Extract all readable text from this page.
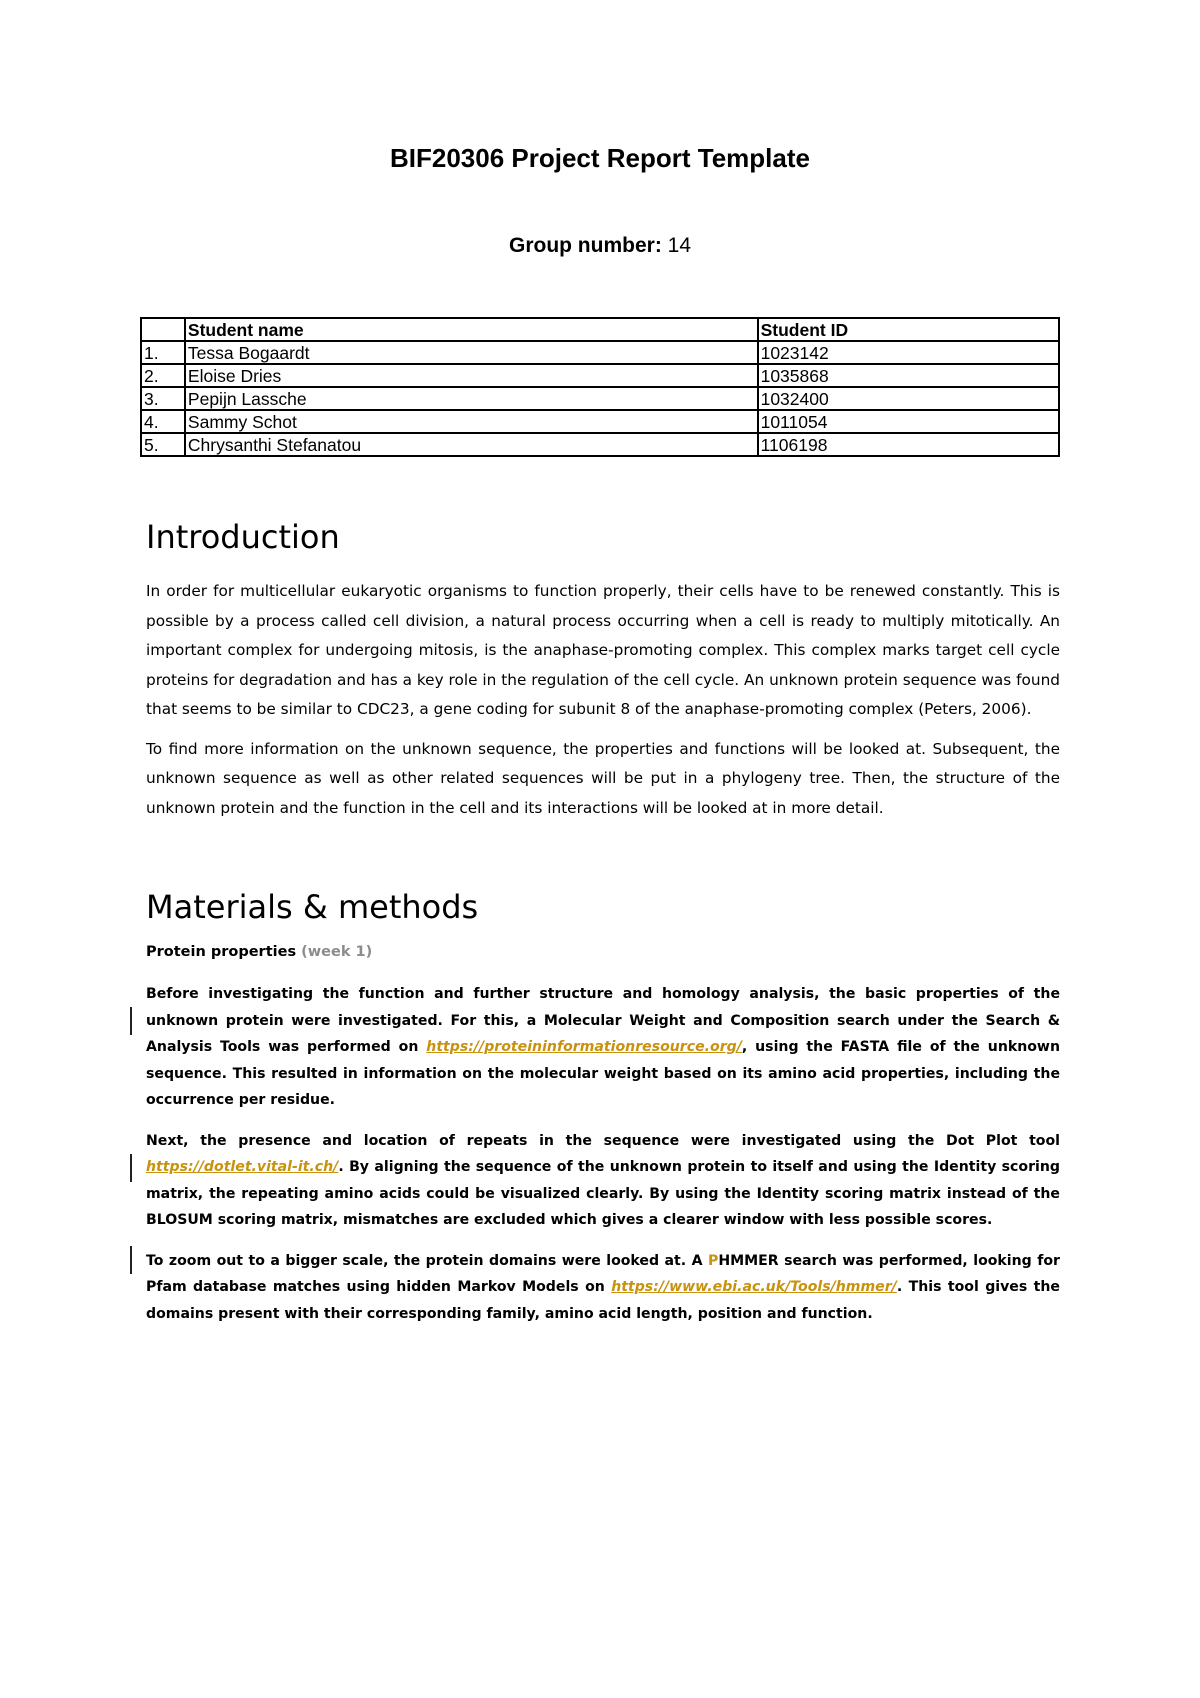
BIF20306 Project Report Template

Group number: 14

	Student name	Student ID
1.	Tessa Bogaardt	1023142
2.	Eloise Dries	1035868
3.	Pepijn Lassche	1032400
4.	Sammy Schot	1011054
5.	Chrysanthi Stefanatou	1106198
Introduction

In order for multicellular eukaryotic organisms to function properly, their cells have to be renewed constantly. This is possible by a process called cell division, a natural process occurring when a cell is ready to multiply mitotically. An important complex for undergoing mitosis, is the anaphase-promoting complex. This complex marks target cell cycle proteins for degradation and has a key role in the regulation of the cell cycle. An unknown protein sequence was found that seems to be similar to CDC23, a gene coding for subunit 8 of the anaphase-promoting complex (Peters, 2006).

To find more information on the unknown sequence, the properties and functions will be looked at. Subsequent, the unknown sequence as well as other related sequences will be put in a phylogeny tree. Then, the structure of the unknown protein and the function in the cell and its interactions will be looked at in more detail.

Materials & methods

Protein properties (week 1)

Before investigating the function and further structure and homology analysis, the basic properties of the unknown protein were investigated. For this, a Molecular Weight and Composition search under the Search & Analysis Tools was performed on https://proteininformationresource.org/, using the FASTA file of the unknown sequence. This resulted in information on the molecular weight based on its amino acid properties, including the occurrence per residue.

Next, the presence and location of repeats in the sequence were investigated using the Dot Plot tool https://dotlet.vital-it.ch/. By aligning the sequence of the unknown protein to itself and using the Identity scoring matrix, the repeating amino acids could be visualized clearly. By using the Identity scoring matrix instead of the BLOSUM scoring matrix, mismatches are excluded which gives a clearer window with less possible scores.

To zoom out to a bigger scale, the protein domains were looked at. A PHMMER search was performed, looking for Pfam database matches using hidden Markov Models on https://www.ebi.ac.uk/Tools/hmmer/. This tool gives the domains present with their corresponding family, amino acid length, position and function.
